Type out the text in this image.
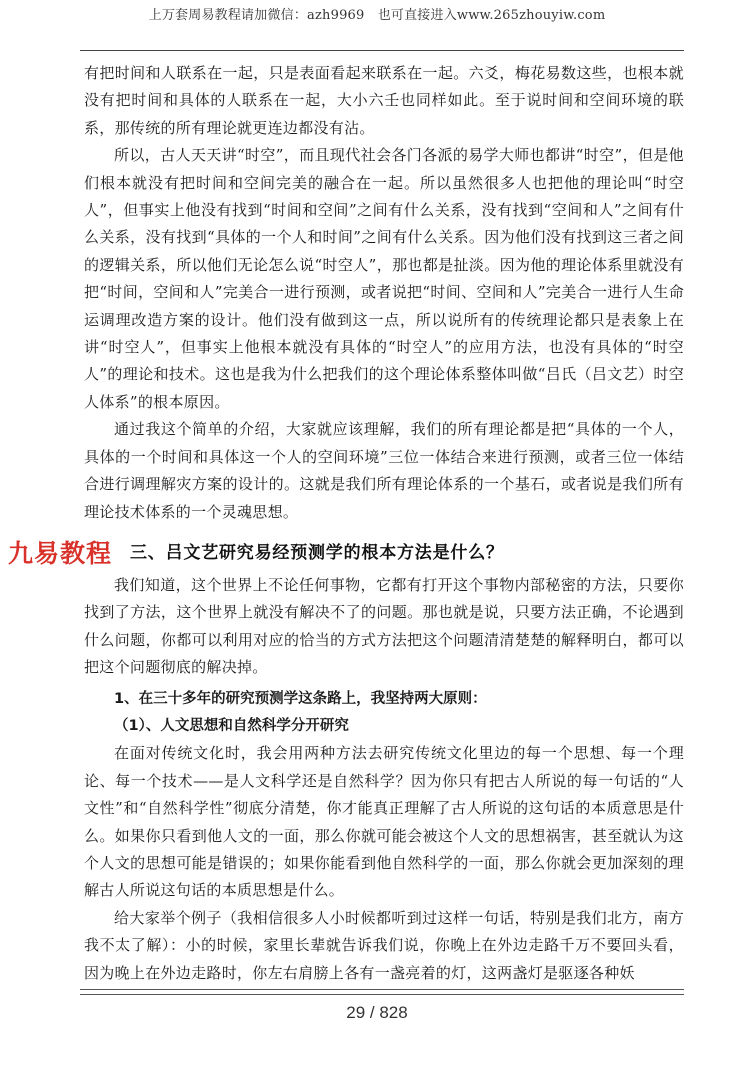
上万套周易教程请加微信：azh9969　也可直接进入www.265zhouyiw.com

有把时间和人联系在一起，只是表面看起来联系在一起。六爻，梅花易数这些，也根本就没有把时间和具体的人联系在一起，大小六壬也同样如此。至于说时间和空间环境的联系，那传统的所有理论就更连边都没有沾。

所以，古人天天讲“时空”，而且现代社会各门各派的易学大师也都讲“时空”，但是他们根本就没有把时间和空间完美的融合在一起。所以虽然很多人也把他的理论叫“时空人”，但事实上他没有找到“时间和空间”之间有什么关系，没有找到“空间和人”之间有什么关系，没有找到“具体的一个人和时间”之间有什么关系。因为他们没有找到这三者之间的逻辑关系，所以他们无论怎么说“时空人”，那也都是扯淡。因为他的理论体系里就没有把“时间，空间和人”完美合一进行预测，或者说把“时间、空间和人”完美合一进行人生命运调理改造方案的设计。他们没有做到这一点，所以说所有的传统理论都只是表象上在讲“时空人”，但事实上他根本就没有具体的“时空人”的应用方法，也没有具体的“时空人”的理论和技术。这也是我为什么把我们的这个理论体系整体叫做“吕氏（吕文艺）时空人体系”的根本原因。

通过我这个简单的介绍，大家就应该理解，我们的所有理论都是把“具体的一个人，具体的一个时间和具体这一个人的空间环境”三位一体结合来进行预测，或者三位一体结合进行调理解灾方案的设计的。这就是我们所有理论体系的一个基石，或者说是我们所有理论技术体系的一个灵魂思想。

九易教程 三、吕文艺研究易经预测学的根本方法是什么？

我们知道，这个世界上不论任何事物，它都有打开这个事物内部秘密的方法，只要你找到了方法，这个世界上就没有解决不了的问题。那也就是说，只要方法正确，不论遇到什么问题，你都可以利用对应的恰当的方式方法把这个问题清清楚楚的解释明白，都可以把这个问题彻底的解决掉。

1、在三十多年的研究预测学这条路上，我坚持两大原则：
（1）、人文思想和自然科学分开研究

在面对传统文化时，我会用两种方法去研究传统文化里边的每一个思想、每一个理论、每一个技术——是人文科学还是自然科学？因为你只有把古人所说的每一句话的“人文性”和“自然科学性”彻底分清楚，你才能真正理解了古人所说的这句话的本质意思是什么。如果你只看到他人文的一面，那么你就可能会被这个人文的思想祸害，甚至就认为这个人文的思想可能是错误的；如果你能看到他自然科学的一面，那么你就会更加深刻的理解古人所说这句话的本质思想是什么。

给大家举个例子（我相信很多人小时候都听到过这样一句话，特别是我们北方，南方我不太了解）：小的时候，家里长辈就告诉我们说，你晚上在外边走路千万不要回头看，因为晚上在外边走路时，你左右肩膀上各有一盏亮着的灯，这两盏灯是驱逐各种妖

29 / 828
